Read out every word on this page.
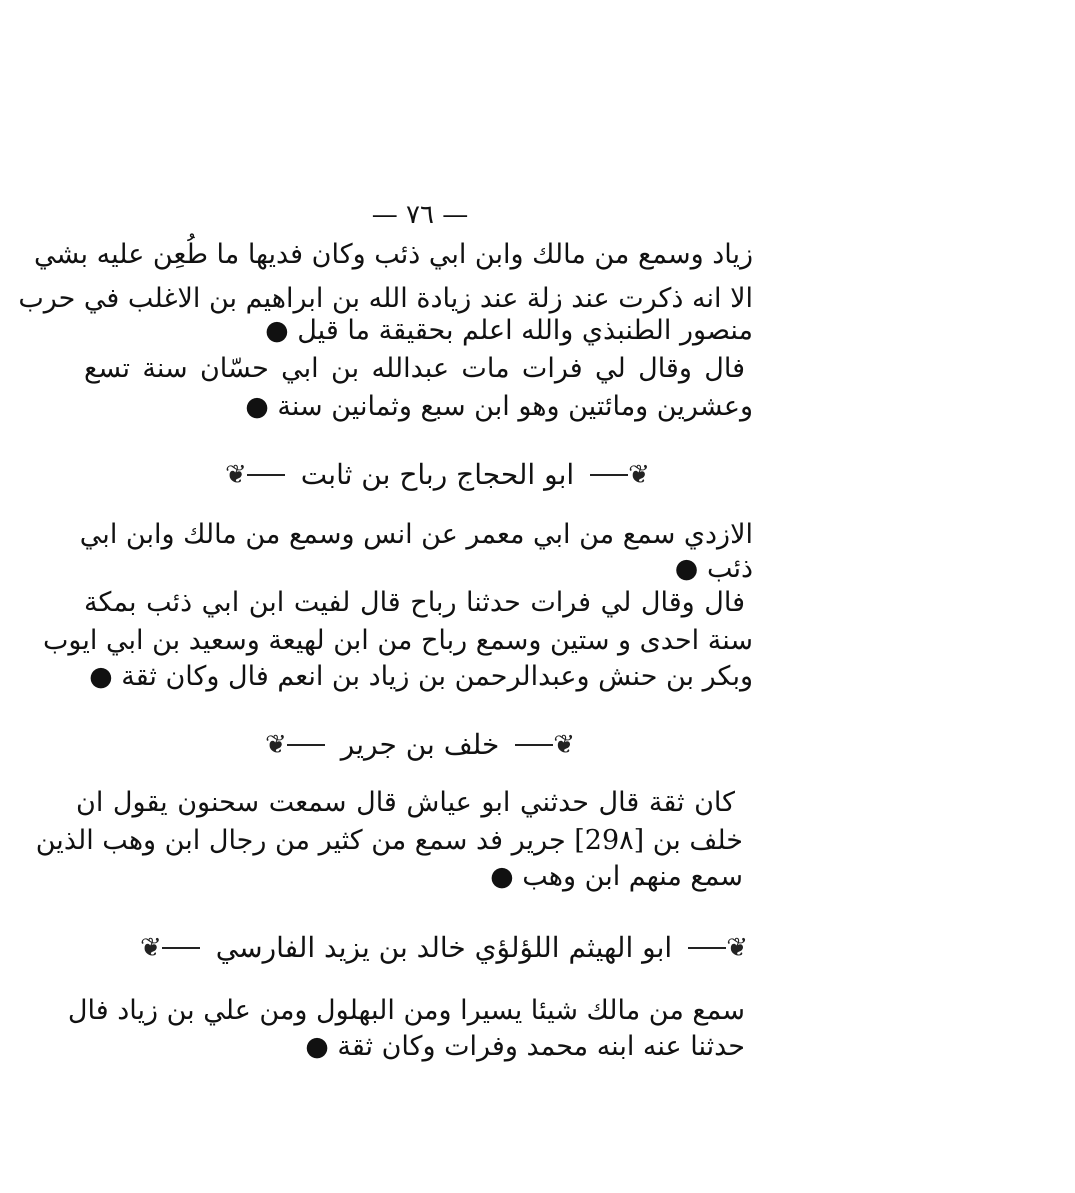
— ٧٦ —
زياد وسمع من مالك وابن ابي ذئب وكان فديها ما طُعِن عليه بشي
الا انه ذكرت عند زلة عند زيادة الله بن ابراهيم بن الاغلب في حرب
منصور الطنبذي والله اعلم بحقيقة ما قيل ●
فال وقال لي فرات مات عبدالله بن ابي حسّان سنة تسع
وعشرين ومائتين وهو ابن سبع وثمانين سنة ●
❦
ابو الحجاج رباح بن ثابت
❦
الازدي سمع من ابي معمر عن انس وسمع من مالك وابن ابي
ذئب ●
فال وقال لي فرات حدثنا رباح قال لفيت ابن ابي ذئب بمكة
سنة احدى و ستين وسمع رباح من ابن لهيعة وسعيد بن ابي ايوب
وبكر بن حنش وعبدالرحمن بن زياد بن انعم فال وكان ثقة ●
❦
خلف بن جرير
❦
كان ثقة قال حدثني ابو عياش قال سمعت سحنون يقول ان
خلف بن [29٨] جرير فد سمع من كثير من رجال ابن وهب الذين
سمع منهم ابن وهب ●
❦
ابو الهيثم اللؤلؤي خالد بن يزيد الفارسي
❦
سمع من مالك شيئا يسيرا ومن البهلول ومن علي بن زياد فال
حدثنا عنه ابنه محمد وفرات وكان ثقة ●
